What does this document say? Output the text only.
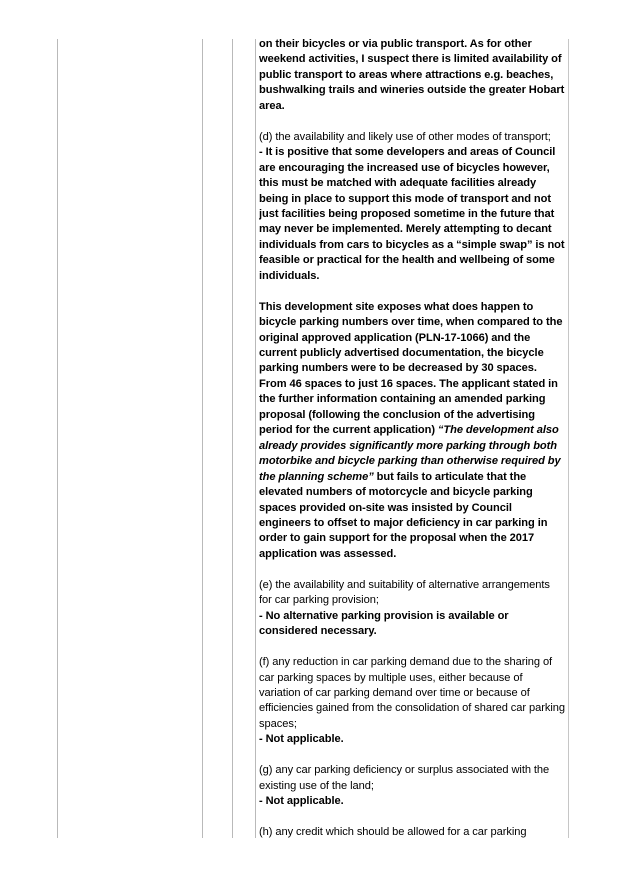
on their bicycles or via public transport. As for other weekend activities, I suspect there is limited availability of public transport to areas where attractions e.g. beaches, bushwalking trails and wineries outside the greater Hobart area.

(d) the availability and likely use of other modes of transport;
- It is positive that some developers and areas of Council are encouraging the increased use of bicycles however, this must be matched with adequate facilities already being in place to support this mode of transport and not just facilities being proposed sometime in the future that may never be implemented. Merely attempting to decant individuals from cars to bicycles as a “simple swap” is not feasible or practical for the health and wellbeing of some individuals.

This development site exposes what does happen to bicycle parking numbers over time, when compared to the original approved application (PLN-17-1066) and the current publicly advertised documentation, the bicycle parking numbers were to be decreased by 30 spaces. From 46 spaces to just 16 spaces. The applicant stated in the further information containing an amended parking proposal (following the conclusion of the advertising period for the current application) “The development also already provides significantly more parking through both motorbike and bicycle parking than otherwise required by the planning scheme” but fails to articulate that the elevated numbers of motorcycle and bicycle parking spaces provided on-site was insisted by Council engineers to offset to major deficiency in car parking in order to gain support for the proposal when the 2017 application was assessed.

(e) the availability and suitability of alternative arrangements for car parking provision;
- No alternative parking provision is available or considered necessary.

(f) any reduction in car parking demand due to the sharing of car parking spaces by multiple uses, either because of variation of car parking demand over time or because of efficiencies gained from the consolidation of shared car parking spaces;
- Not applicable.

(g) any car parking deficiency or surplus associated with the existing use of the land;
- Not applicable.

(h) any credit which should be allowed for a car parking
